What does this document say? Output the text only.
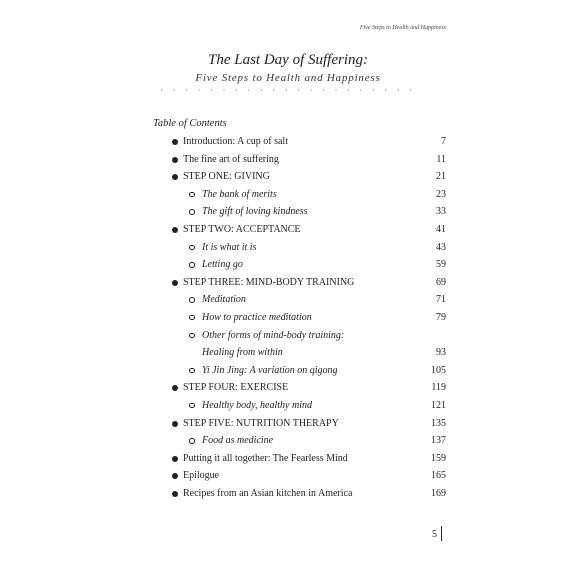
Five Steps to Health and Happiness
The Last Day of Suffering:
Five Steps to Health and Happiness
· · · · · · · · · · · · · · · · · · · · ·
Table of Contents
Introduction: A cup of salt	7
The fine art of suffering	11
STEP ONE: GIVING	21
The bank of merits	23
The gift of loving kindness	33
STEP TWO: ACCEPTANCE	41
It is what it is	43
Letting go	59
STEP THREE: MIND-BODY TRAINING	69
Meditation	71
How to practice meditation	79
Other forms of mind-body training:
Healing from within	93
Yi Jin Jing: A variation on qigong	105
STEP FOUR: EXERCISE	119
Healthy body, healthy mind	121
STEP FIVE: NUTRITION THERAPY	135
Food as medicine	137
Putting it all together: The Fearless Mind	159
Epilogue	165
Recipes from an Asian kitchen in America	169
5
